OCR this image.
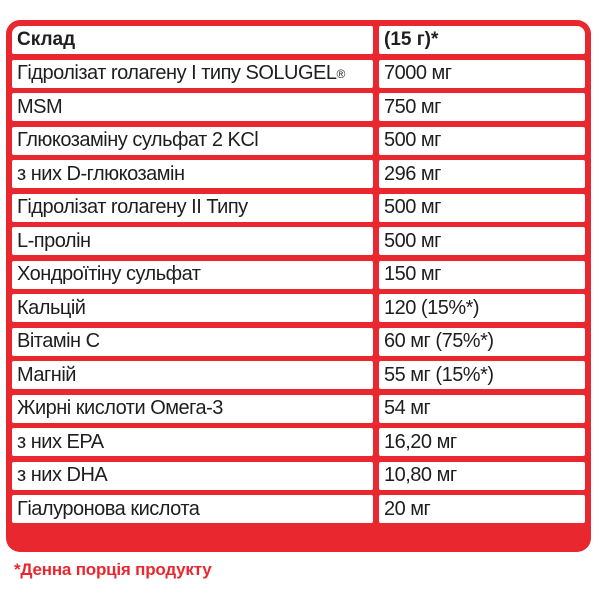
Склад	(15 г)*
Гідролізат rолагену I типу SOLUGEL ® 7000 мг
MSM	750 мг
Глюкозаміну сульфат 2 KCl	500 мг
з них D-глюкозамін	296 мг
Гідролізат rолагену II Типу	500 мг
L-пролін	500 мг
Хондроїтіну сульфат	150 мг
Кальцій	120 (15%*)
Вітамін С	60 мг (75%*)
Магній	55 мг (15%*)
Жирні кислоти Омега-3	54 мг
з них EPA	16,20 мг
з них DHA	10,80 мг
Гіалуронова кислота	20 мг
*Денна порція продукту
